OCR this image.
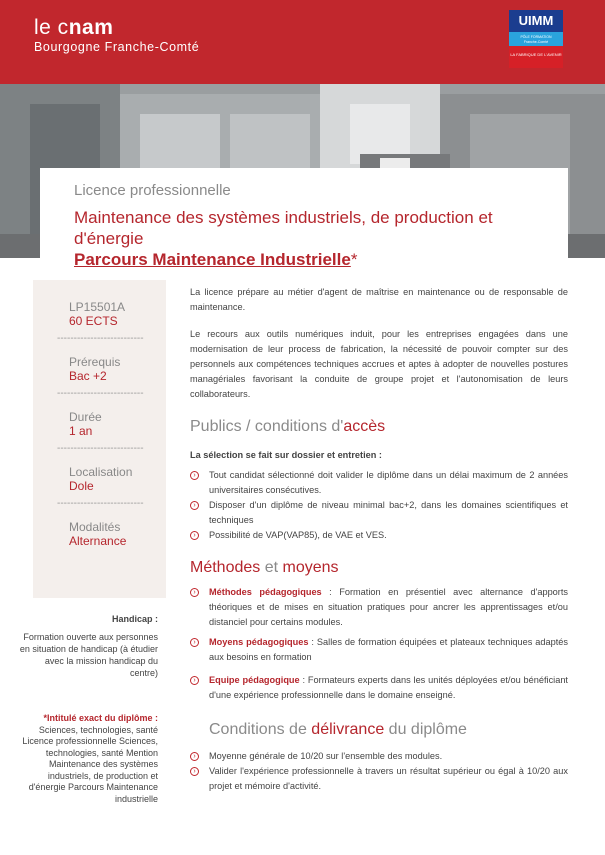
le cnam
Bourgogne Franche-Comté
UIMM
PÔLE FORMATION
Franche-Comté
LA FABRIQUE DE L'AVENIR
Licence professionnelle
Maintenance des systèmes industriels, de production et d'énergie
Parcours Maintenance Industrielle*
LP15501A
60 ECTS
--------------------------
Prérequis
Bac +2
--------------------------
Durée
1 an
--------------------------
Localisation
Dole
--------------------------
Modalités
Alternance
Handicap :
Formation ouverte aux personnes en situation de handicap (à étudier avec la mission handicap du centre)
*Intitulé exact du diplôme :
Sciences, technologies, santé Licence professionnelle Sciences, technologies, santé Mention Maintenance des systèmes industriels, de production et d'énergie Parcours Maintenance industrielle
La licence prépare au métier d'agent de maîtrise en maintenance ou de responsable de maintenance.
Le recours aux outils numériques induit, pour les entreprises engagées dans une modernisation de leur process de fabrication, la nécessité de pouvoir compter sur des personnels aux compétences techniques accrues et aptes à adopter de nouvelles postures managériales favorisant la conduite de groupe projet et l'autonomisation de leurs collaborateurs.
Publics / conditions d'accès
La sélection se fait sur dossier et entretien :
›	Tout candidat sélectionné doit valider le diplôme dans un délai maximum de 2 années universitaires consécutives.
›	Disposer d'un diplôme de niveau minimal bac+2, dans les domaines scientifiques et techniques
›	Possibilité de VAP(VAP85), de VAE et VES.
Méthodes et moyens
›	Méthodes pédagogiques : Formation en présentiel avec alternance d'apports théoriques et de mises en situation pratiques pour ancrer les apprentissages et/ou distanciel pour certains modules.
›	Moyens pédagogiques : Salles de formation équipées et plateaux techniques adaptés aux besoins en formation
›	Equipe pédagogique : Formateurs experts dans les unités déployées et/ou bénéficiant d'une expérience professionnelle dans le domaine enseigné.
Conditions de délivrance du diplôme
›	Moyenne générale de 10/20 sur l'ensemble des modules.
›	Valider l'expérience professionnelle à travers un résultat supérieur ou égal à 10/20 aux projet et mémoire d'activité.
